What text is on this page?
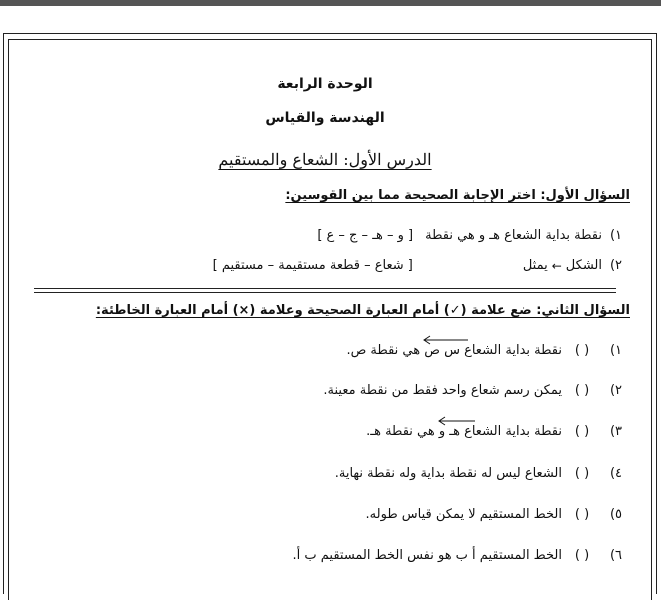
الوحدة الرابعة
الهندسة والقياس
الدرس الأول: الشعاع والمستقيم
السؤال الأول: اختر الإجابة الصحيحة مما بين القوسين:
١)
نقطة بداية الشعاع هـ و هي نقطة
[ و – هـ – ج – ع ]
٢)
الشكل
←
يمثل
[ شعاع – قطعة مستقيمة – مستقيم ]
السؤال الثاني: ضع علامة (✓) أمام العبارة الصحيحة وعلامة (×) أمام العبارة الخاطئة:
١)
( )
نقطة بداية الشعاع

س ص

هي نقطة ص.
٢)
( )
يمكن رسم شعاع واحد فقط من نقطة معينة.
٣)
( )
نقطة بداية الشعاع

هـ و

هي نقطة هـ.
٤)
( )
الشعاع ليس له نقطة بداية وله نقطة نهاية.
٥)
( )
الخط المستقيم لا يمكن قياس طوله.
٦)
( )
الخط المستقيم أ ب هو نفس الخط المستقيم ب أ.
